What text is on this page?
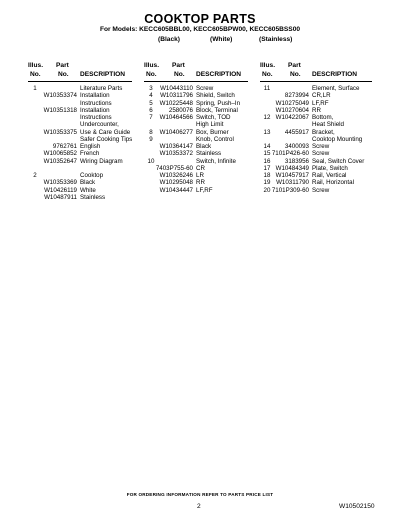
COOKTOP PARTS
For Models: KECC605BBL00, KECC605BPW00, KECC605BSS00
(Black)	(White)	(Stainless)
Illus.
No.
Part
No. DESCRIPTION
1	Literature Parts
W10353374 Installation
Instructions
W10351318 Installation
Instructions
Undercounter,
W10353375 Use & Care Guide
Safer Cooking Tips
9762761 English
W10065852 French
W10352647 Wiring Diagram
2	Cooktop
W10353369 Black
W10426119 White
W10487911 Stainless
Illus.
No.
Part
No. DESCRIPTION
3	W10443110 Screw
4	W10311796 Shield, Switch
5	W10225448 Spring, Push–In
6	2580076 Block, Terminal
7	W10464566 Switch, TOD
High Limit
8	W10406277 Box, Burner
9	Knob, Control
W10364147 Black
W10353372 Stainless
10	Switch, Infinite
7403P755-60 CR
W10326246 LR
W10295048 RR
W10434447 LF,RF
Illus.
No.
Part
No. DESCRIPTION
11	Element, Surface
8273994 CR,LR
W10275049 LF,RF
W10270604 RR
12 W10422067 Bottom,
Heat Shield
13	4455917 Bracket,
Cooktop Mounting
14	3400093 Screw
15 7101P426-60 Screw
16	3183956 Seal, Switch Cover
17 W10484349 Plate, Switch
18 W10457917 Rail, Vertical
19 W10311790 Rail, Horizontal
20 7101P309-60 Screw
FOR ORDERING INFORMATION REFER TO PARTS PRICE LIST
2	W10502150
